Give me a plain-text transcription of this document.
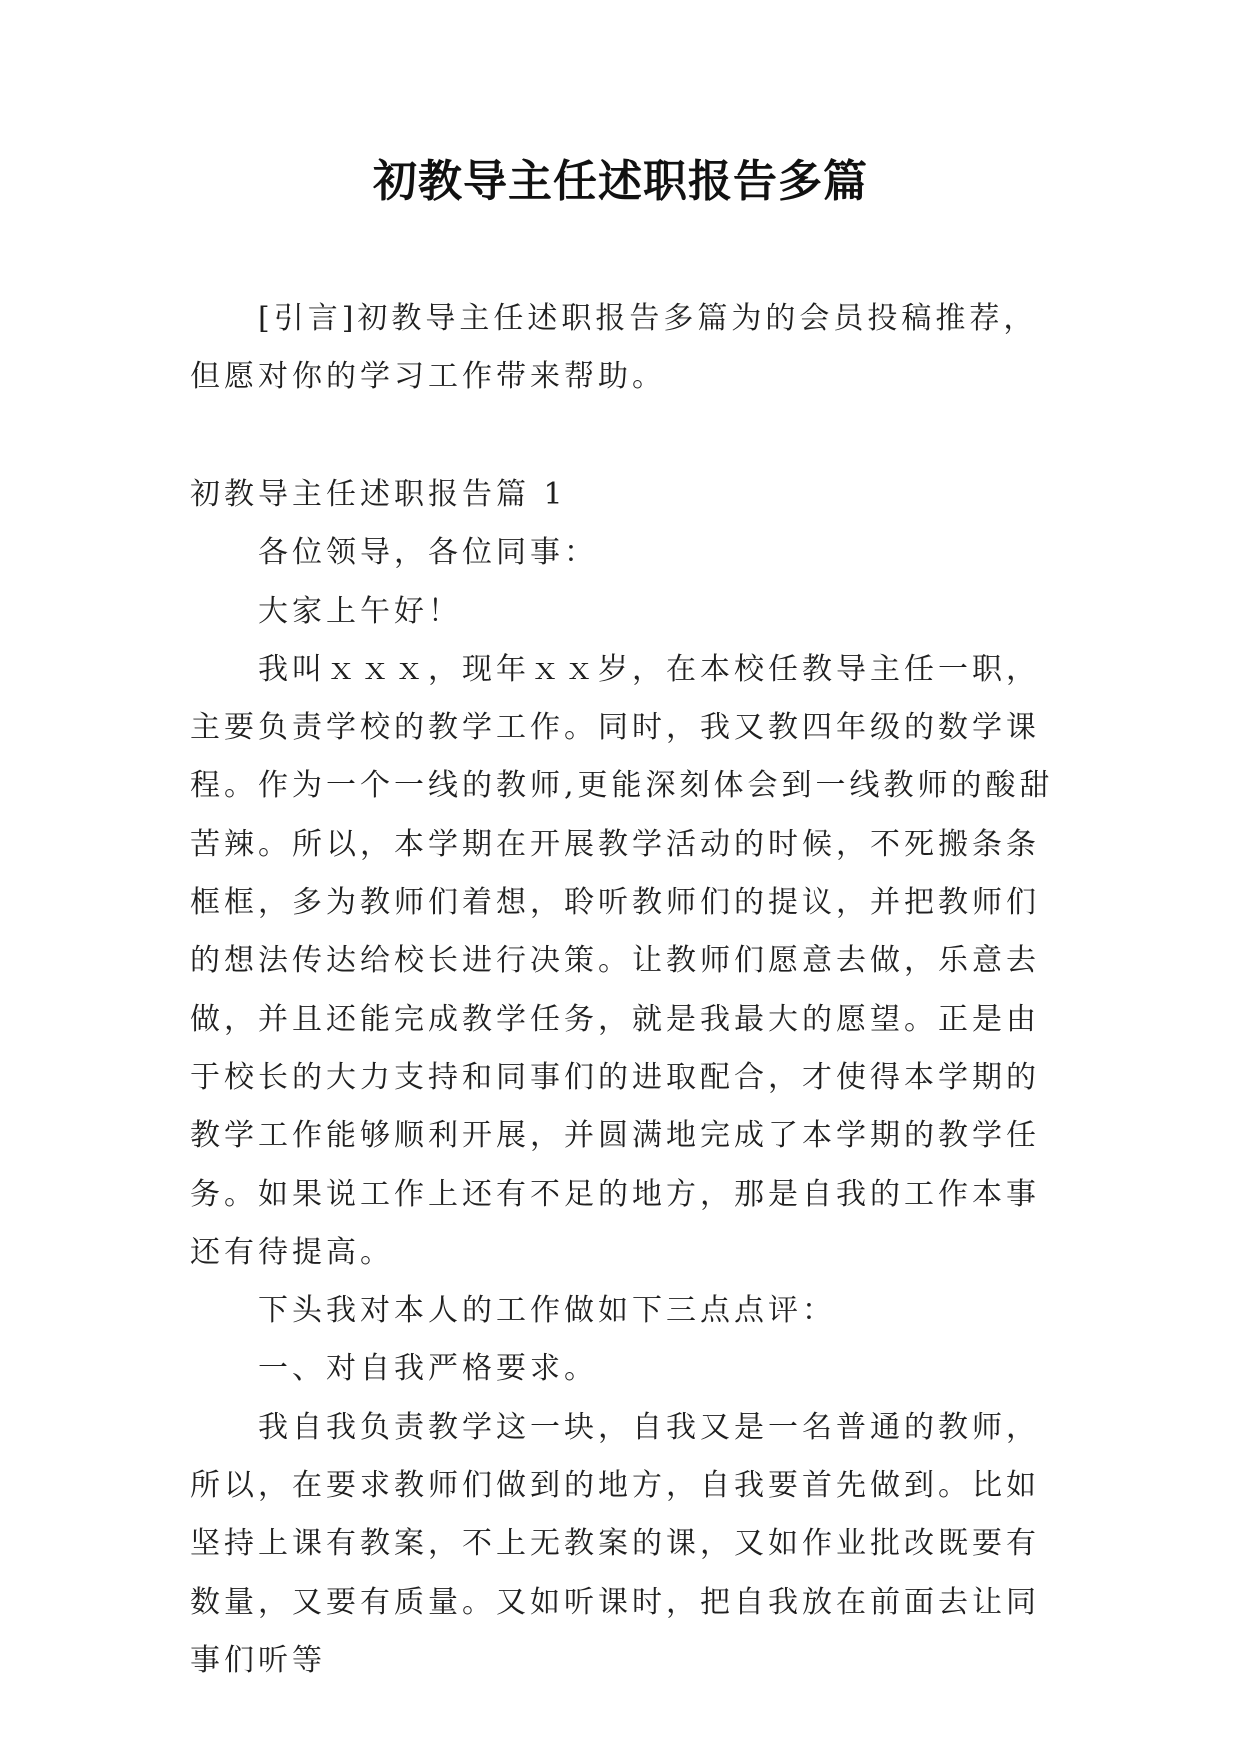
初教导主任述职报告多篇

[引言]初教导主任述职报告多篇为的会员投稿推荐，但愿对你的学习工作带来帮助。

初教导主任述职报告篇 1

各位领导，各位同事：

大家上午好！

我叫ｘｘｘ，现年ｘｘ岁，在本校任教导主任一职，主要负责学校的教学工作。同时，我又教四年级的数学课程。作为一个一线的教师,更能深刻体会到一线教师的酸甜苦辣。所以，本学期在开展教学活动的时候，不死搬条条框框，多为教师们着想，聆听教师们的提议，并把教师们的想法传达给校长进行决策。让教师们愿意去做，乐意去做，并且还能完成教学任务，就是我最大的愿望。正是由于校长的大力支持和同事们的进取配合，才使得本学期的教学工作能够顺利开展，并圆满地完成了本学期的教学任务。如果说工作上还有不足的地方，那是自我的工作本事还有待提高。

下头我对本人的工作做如下三点点评：

一、对自我严格要求。

我自我负责教学这一块，自我又是一名普通的教师，所以，在要求教师们做到的地方，自我要首先做到。比如坚持上课有教案，不上无教案的课，又如作业批改既要有数量，又要有质量。又如听课时，把自我放在前面去让同事们听等
